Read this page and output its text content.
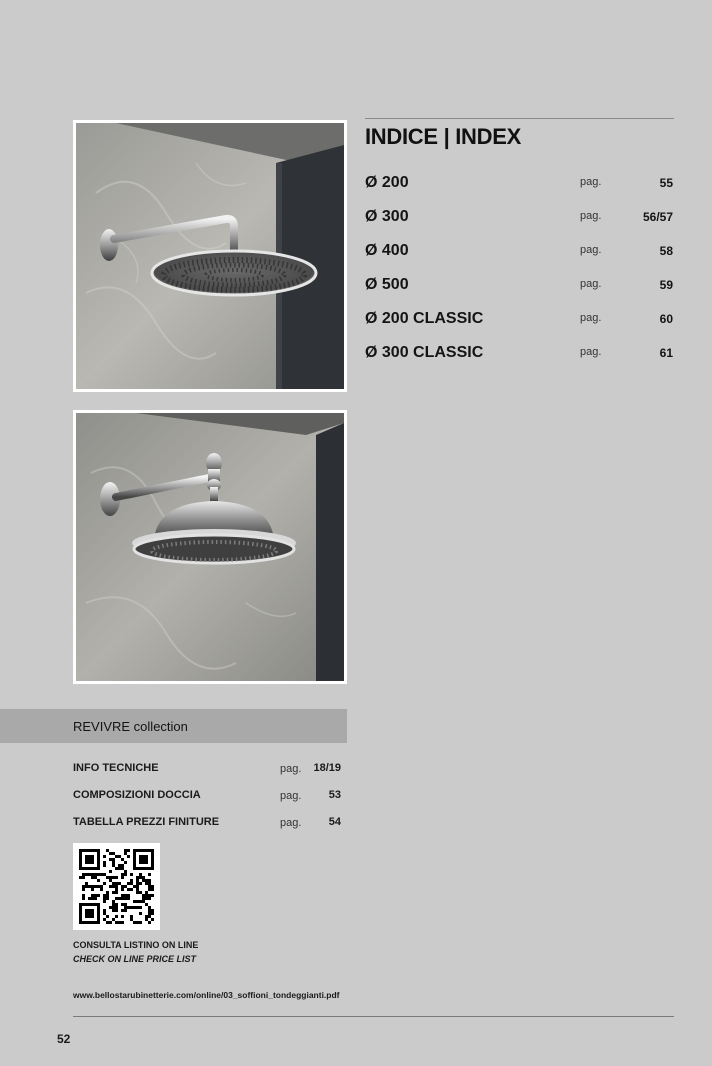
INDICE | INDEX
Ø 200	pag.	55
Ø 300	pag.	56/57
Ø 400	pag.	58
Ø 500	pag.	59
Ø 200 CLASSIC	pag.	60
Ø 300 CLASSIC	pag.	61
REVIVRE collection
INFO TECNICHE	pag. 18/19
COMPOSIZIONI DOCCIA	pag. 53
TABELLA PREZZI FINITURE	pag. 54
CONSULTA LISTINO ON LINE
CHECK ON LINE PRICE LIST
www.bellostarubinetterie.com/online/03_soffioni_tondeggianti.pdf
52
